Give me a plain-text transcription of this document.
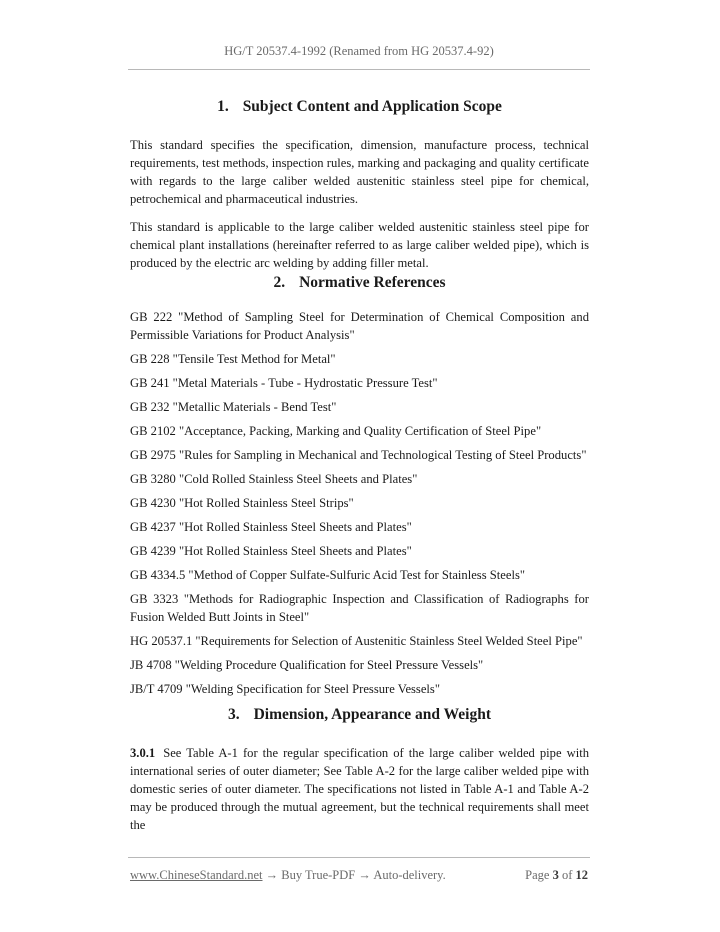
HG/T 20537.4-1992 (Renamed from HG 20537.4-92)
1. Subject Content and Application Scope

This standard specifies the specification, dimension, manufacture process, technical requirements, test methods, inspection rules, marking and packaging and quality certificate with regards to the large caliber welded austenitic stainless steel pipe for chemical, petrochemical and pharmaceutical industries.

This standard is applicable to the large caliber welded austenitic stainless steel pipe for chemical plant installations (hereinafter referred to as large caliber welded pipe), which is produced by the electric arc welding by adding filler metal.

2. Normative References
GB 222 "Method of Sampling Steel for Determination of Chemical Composition and Permissible Variations for Product Analysis"
GB 228 "Tensile Test Method for Metal"
GB 241 "Metal Materials - Tube - Hydrostatic Pressure Test"
GB 232 "Metallic Materials - Bend Test"
GB 2102 "Acceptance, Packing, Marking and Quality Certification of Steel Pipe"
GB 2975 "Rules for Sampling in Mechanical and Technological Testing of Steel Products"
GB 3280 "Cold Rolled Stainless Steel Sheets and Plates"
GB 4230 "Hot Rolled Stainless Steel Strips"
GB 4237 "Hot Rolled Stainless Steel Sheets and Plates"
GB 4239 "Hot Rolled Stainless Steel Sheets and Plates"
GB 4334.5 "Method of Copper Sulfate-Sulfuric Acid Test for Stainless Steels"
GB 3323 "Methods for Radiographic Inspection and Classification of Radiographs for Fusion Welded Butt Joints in Steel"
HG 20537.1 "Requirements for Selection of Austenitic Stainless Steel Welded Steel Pipe"
JB 4708 "Welding Procedure Qualification for Steel Pressure Vessels"
JB/T 4709 "Welding Specification for Steel Pressure Vessels"
3. Dimension, Appearance and Weight

3.0.1 See Table A-1 for the regular specification of the large caliber welded pipe with international series of outer diameter; See Table A-2 for the large caliber welded pipe with domestic series of outer diameter. The specifications not listed in Table A-1 and Table A-2 may be produced through the mutual agreement, but the technical requirements shall meet the

www.ChineseStandard.net → Buy True-PDF → Auto-delivery.	Page 3 of 12
